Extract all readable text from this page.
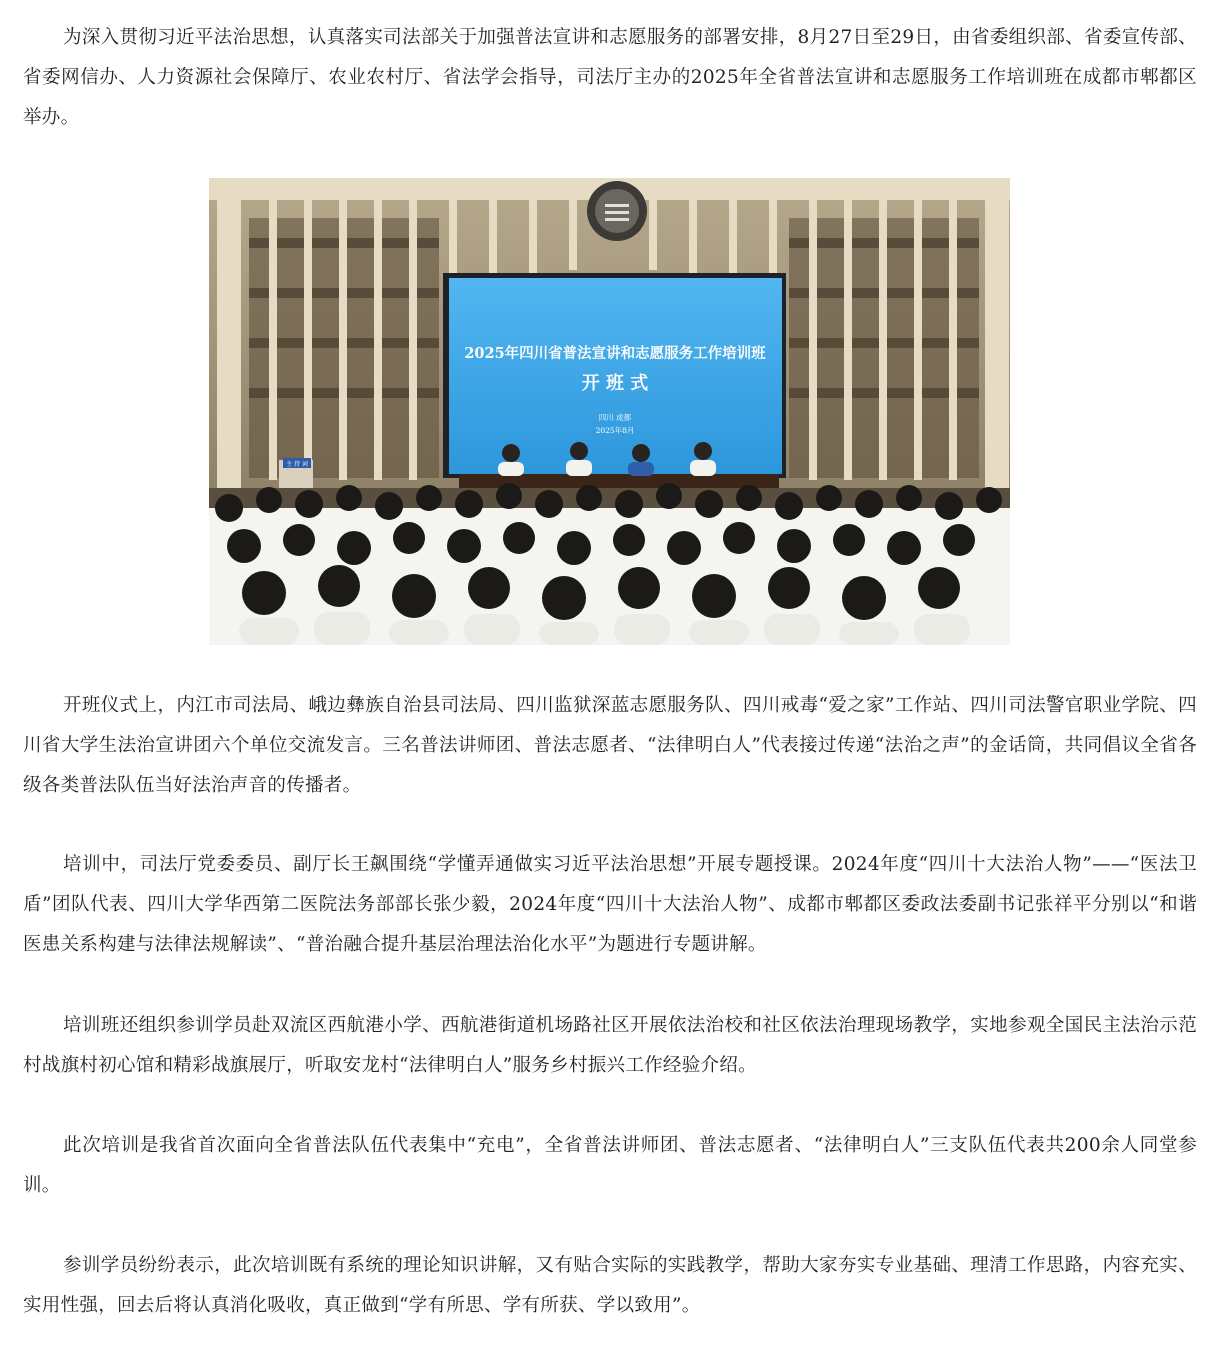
为深入贯彻习近平法治思想，认真落实司法部关于加强普法宣讲和志愿服务的部署安排，8月27日至29日，由省委组织部、省委宣传部、省委网信办、人力资源社会保障厅、农业农村厅、省法学会指导，司法厅主办的2025年全省普法宣讲和志愿服务工作培训班在成都市郫都区举办。

2025年四川省普法宣讲和志愿服务工作培训班
开 班 式
四川 成都
2025年8月
主 持 词

开班仪式上，内江市司法局、峨边彝族自治县司法局、四川监狱深蓝志愿服务队、四川戒毒“爱之家”工作站、四川司法警官职业学院、四川省大学生法治宣讲团六个单位交流发言。三名普法讲师团、普法志愿者、“法律明白人”代表接过传递“法治之声”的金话筒，共同倡议全省各级各类普法队伍当好法治声音的传播者。

培训中，司法厅党委委员、副厅长王飙围绕“学懂弄通做实习近平法治思想”开展专题授课。2024年度“四川十大法治人物”——“医法卫盾”团队代表、四川大学华西第二医院法务部部长张少毅，2024年度“四川十大法治人物”、成都市郫都区委政法委副书记张祥平分别以“和谐医患关系构建与法律法规解读”、“普治融合提升基层治理法治化水平”为题进行专题讲解。

培训班还组织参训学员赴双流区西航港小学、西航港街道机场路社区开展依法治校和社区依法治理现场教学，实地参观全国民主法治示范村战旗村初心馆和精彩战旗展厅，听取安龙村“法律明白人”服务乡村振兴工作经验介绍。

此次培训是我省首次面向全省普法队伍代表集中“充电”，全省普法讲师团、普法志愿者、“法律明白人”三支队伍代表共200余人同堂参训。

参训学员纷纷表示，此次培训既有系统的理论知识讲解，又有贴合实际的实践教学，帮助大家夯实专业基础、理清工作思路，内容充实、实用性强，回去后将认真消化吸收，真正做到“学有所思、学有所获、学以致用”。
